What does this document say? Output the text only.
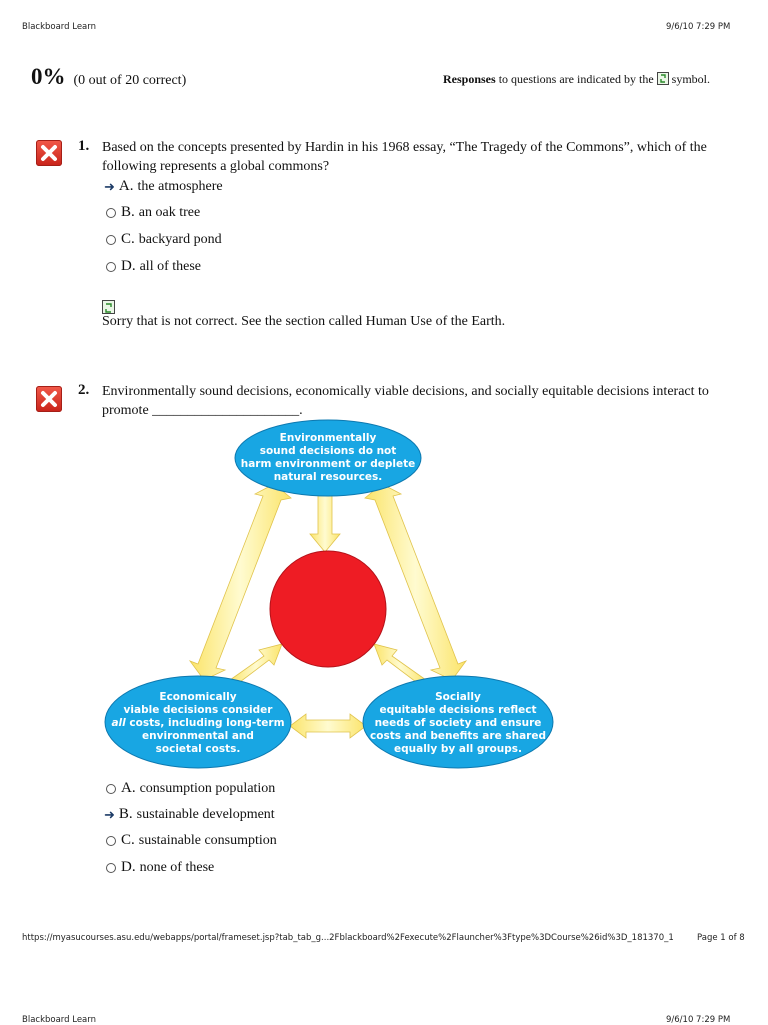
Blackboard Learn	9/6/10 7:29 PM
0% (0 out of 20 correct)	Responses to questions are indicated by the symbol.
1. Based on the concepts presented by Hardin in his 1968 essay, “The Tragedy of the Commons”, which of the following represents a global commons?
➜ A. the atmosphere
B. an oak tree
C. backyard pond
D. all of these
Sorry that is not correct. See the section called Human Use of the Earth.
2. Environmentally sound decisions, economically viable decisions, and socially equitable decisions interact to promote _____________________.
Environmentally
sound decisions do not
harm environment or deplete
natural resources.
Economically
viable decisions consider
all costs, including long-term
environmental and
societal costs.
Socially
equitable decisions reflect
needs of society and ensure
costs and benefits are shared
equally by all groups.
A. consumption population
➜ B. sustainable development
C. sustainable consumption
D. none of these
https://myasucourses.asu.edu/webapps/portal/frameset.jsp?tab_tab_g...2Fblackboard%2Fexecute%2Flauncher%3Ftype%3DCourse%26id%3D_181370_1	Page 1 of 8
Blackboard Learn	9/6/10 7:29 PM
